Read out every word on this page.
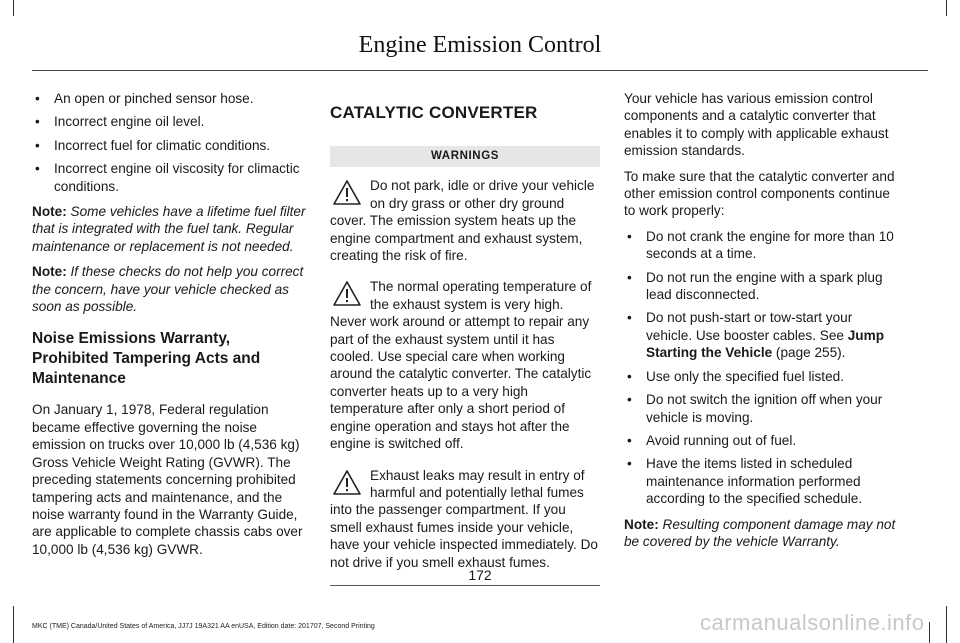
Engine Emission Control
• An open or pinched sensor hose.
• Incorrect engine oil level.
• Incorrect fuel for climatic conditions.
• Incorrect engine oil viscosity for climactic conditions.

Note: Some vehicles have a lifetime fuel filter that is integrated with the fuel tank. Regular maintenance or replacement is not needed.

Note: If these checks do not help you correct the concern, have your vehicle checked as soon as possible.

Noise Emissions Warranty, Prohibited Tampering Acts and Maintenance

On January 1, 1978, Federal regulation became effective governing the noise emission on trucks over 10,000 lb (4,536 kg) Gross Vehicle Weight Rating (GVWR). The preceding statements concerning prohibited tampering acts and maintenance, and the noise warranty found in the Warranty Guide, are applicable to complete chassis cabs over 10,000 lb (4,536 kg) GVWR.

CATALYTIC CONVERTER
WARNINGS
Do not park, idle or drive your vehicle on dry grass or other dry ground cover. The emission system heats up the engine compartment and exhaust system, creating the risk of fire.
The normal operating temperature of the exhaust system is very high. Never work around or attempt to repair any part of the exhaust system until it has cooled. Use special care when working around the catalytic converter. The catalytic converter heats up to a very high temperature after only a short period of engine operation and stays hot after the engine is switched off.
Exhaust leaks may result in entry of harmful and potentially lethal fumes into the passenger compartment. If you smell exhaust fumes inside your vehicle, have your vehicle inspected immediately. Do not drive if you smell exhaust fumes.

Your vehicle has various emission control components and a catalytic converter that enables it to comply with applicable exhaust emission standards.

To make sure that the catalytic converter and other emission control components continue to work properly:

• Do not crank the engine for more than 10 seconds at a time.
• Do not run the engine with a spark plug lead disconnected.
• Do not push-start or tow-start your vehicle. Use booster cables. See Jump Starting the Vehicle (page 255).
• Use only the specified fuel listed.
• Do not switch the ignition off when your vehicle is moving.
• Avoid running out of fuel.
• Have the items listed in scheduled maintenance information performed according to the specified schedule.

Note: Resulting component damage may not be covered by the vehicle Warranty.

172
MKC (TME) Canada/United States of America, JJ7J 19A321 AA enUSA, Edition date: 201707, Second Printing	carmanualsonline.info
